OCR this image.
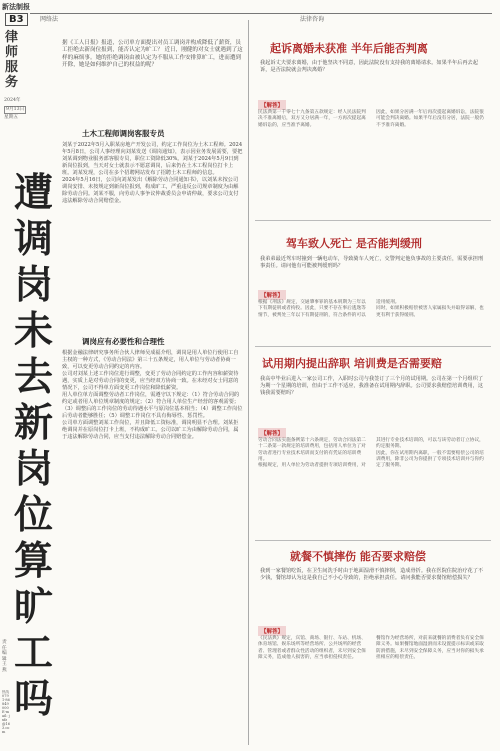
新法制报
B3
律师服务
2024年
9月13日
星期五
责任编辑 王 燕
热线 0791-86849000 E-mail: jxfz@163.com
网络法	法律咨询
遭调岗未去新岗位算旷工吗
据《工人日报》报道，公司单方面提出对员工调岗并构成降低了薪资，员工拒绝去新岗位报到，能否认定为旷工？ 近日，刚健的对女士就遇到了这样的麻烦事。她的拒绝调岗由被认定为不服从工作安排算旷工，进而遭到开除，她是如何维护自己的权益的呢？
土木工程师调岗客服专员
刘某于2022年5月入职某房地产开发公司，约定工作岗位为土木工程师。2024年5月8日，公司人事经理向刘某发送《调岗通知》，表示因业务发展需要，要把刘某调到物业服务部客服专员，职位工资降低30%。刘某于2024年5月9日到新岗位报到，当天对女士就表示不愿意调岗，后来仍在土木工程岗位打卡上班。刘某发现，公司在多个招聘网站发布了招聘土木工程师的信息。
2024年5月16日，公司向刘某发出《解除劳动合同通知书》，以刘某未按公司调岗安排、未按规定到新岗位报到，构成旷工，严重违反公司规章制度为由解除劳动合同。刘某不服，向劳动人事争议仲裁委员会申请仲裁，要求公司支付违法解除劳动合同赔偿金。
调岗应有必要性和合理性
根据金融法律研究事务所合伙人律师吴成福介绍，调岗是用人单位行使用工自主权的一种方式，《劳动合同法》第三十五条规定，用人单位与劳动者协商一致，可以变更劳动合同约定的内容。
公司对刘某上述工作岗位进行调整，变更了劳动合同约定的工作内容和薪资待遇，实质上是对劳动合同的变更，应当经双方协商一致。在未经对女士同意的情况下，公司不得单方面变更工作岗位和降低薪资。
用人单位单方面调整劳动者工作岗位，需遵守以下规定：（1）符合劳动合同的约定或者用人单位规章制度的规定；（2）符合用人单位生产经营的客观需要；（3）调整后的工作岗位的劳动待遇水平与原岗位基本相当；（4）调整工作岗位后劳动者能够胜任；（5）调整工作岗位不具有侮辱性、惩罚性。
公司单方面调整刘某工作岗位，并且降低工资标准，调岗明显不合理。刘某拒绝调岗并在原岗位打卡上班，不构成旷工。公司以旷工为由解除劳动合同，属于违法解除劳动合同，应当支付违法解除劳动合同赔偿金。
起诉离婚未获准 半年后能否判离
我起诉丈夫要求离婚，由于他坚决不同意，因此法院没有支持我的离婚请求。如果半年后再去起诉，是否法院就会判决离婚？
【解答】
民法典第一千零七十九条第五款规定：经人民法院判决不准离婚后，双方又分居满一年，一方再次提起离婚诉讼的，应当准予离婚。
因此，如果分居满一年后再次提起离婚诉讼，法院很可能会判决离婚。如果半年后没有分居，法院一般仍不予准许离婚。
驾车致人死亡 是否能判缓刑
我弟弟最近驾车时撞到一辆电动车，导致骑车人死亡，交警判定他负事故的主要责任，需要承担刑事责任。请问他有可能被判缓刑吗？
【解答】
根据《刑法》规定，交通肇事罪的基本刑期为三年以下有期徒刑或者拘役。因此，只要不存在事后逃逸等情节，被判处三年以下有期徒刑的，符合条件的可以适用缓刑。
同时，如果积极赔偿被害人家属损失并取得谅解，也更有利于获得缓刑。
试用期内提出辞职 培训费是否需要赔
我高中毕业后进入一家公司工作，入职时公司与我签订了三个月的试用期。公司在第一个月组织了为期一个星期的培训，但由于工作不适应，我准备在试用期内辞职。公司要求我赔偿培训费用，这钱我需要赔吗？
【解答】
劳动合同法实施条例第十六条规定，劳动合同法第二十二条第一款规定的培训费用，包括用人单位为了对劳动者进行专业技术培训而支付的有凭证的培训费用。
根据规定，用人单位为劳动者提供专项培训费用，对其进行专业技术培训的，可以与该劳动者订立协议，约定服务期。
因此，你在试用期内离职，一般不需要赔偿公司的培训费用，除非公司为你提供了专项技术培训并与你约定了服务期。
就餐不慎摔伤 能否要求赔偿
我到一家餐馆吃饭，在卫生间洗手时由于地面湿滑不慎摔倒，造成骨折。我在医院住院治疗花了不少钱，餐馆却认为这是我自己不小心导致的，拒绝承担责任。请问我能否要求餐馆赔偿损失？
【解答】
《民法典》规定，宾馆、商场、银行、车站、机场、体育场馆、娱乐场所等经营场所、公共场所的经营者、管理者或者群众性活动的组织者，未尽到安全保障义务，造成他人损害的，应当承担侵权责任。
餐馆作为经营场所，对前来就餐的消费者负有安全保障义务。如果餐馆地面湿滑而未设置提示标识或采取防滑措施，未尽到安全保障义务，应当对你的损失承担相应的赔偿责任。
